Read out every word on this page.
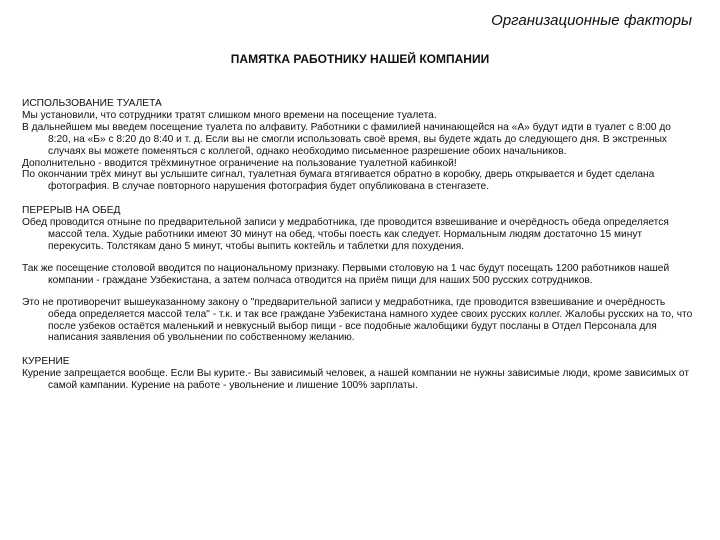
Организационные факторы
ПАМЯТКА РАБОТНИКУ НАШЕЙ КОМПАНИИ

ИСПОЛЬЗОВАНИЕ ТУАЛЕТА

Мы установили, что сотрудники тратят слишком много времени на посещение туалета.

В дальнейшем мы введем посещение туалета по алфавиту. Работники с фамилией начинающейся на «А» будут идти в туалет с 8:00 до 8:20, на «Б» с 8:20 до 8:40 и т. д. Если вы не смогли использовать своё время, вы будете ждать до следующего дня. В экстренных случаях вы можете поменяться с коллегой, однако необходимо письменное разрешение обоих начальников.

Дополнительно - вводится трёхминутное ограничение на пользование туалетной кабинкой!

По окончании трёх минут вы услышите сигнал, туалетная бумага втягивается обратно в коробку, дверь открывается и будет сделана фотография. В случае повторного нарушения фотография будет опубликована в стенгазете.

ПЕРЕРЫВ НА ОБЕД

Обед проводится отныне по предварительной записи у медработника, где проводится взвешивание и очерёдность обеда определяется массой тела. Худые работники имеют 30 минут на обед, чтобы поесть как следует. Нормальным людям достаточно 15 минут перекусить. Толстякам дано 5 минут, чтобы выпить коктейль и таблетки для похудения.

Так же посещение столовой вводится по национальному признаку. Первыми столовую на 1 час будут посещать 1200 работников нашей компании - граждане Узбекистана, а затем полчаса отводится на приём пищи для наших 500 русских сотрудников.

Это не противоречит вышеуказанному закону о "предварительной записи у медработника, где проводится взвешивание и очерёдность обеда определяется массой тела" - т.к. и так все граждане Узбекистана намного худее своих русских коллег. Жалобы русских на то, что после узбеков остаётся маленький и невкусный выбор пищи - все подобные жалобщики будут посланы в Отдел Персонала для написания заявления об увольнении по собственному желанию.

КУРЕНИЕ

Курение запрещается вообще. Если Вы курите.- Вы зависимый человек, а нашей компании не нужны зависимые люди, кроме зависимых от самой кампании. Курение на работе - увольнение и лишение 100% зарплаты.
